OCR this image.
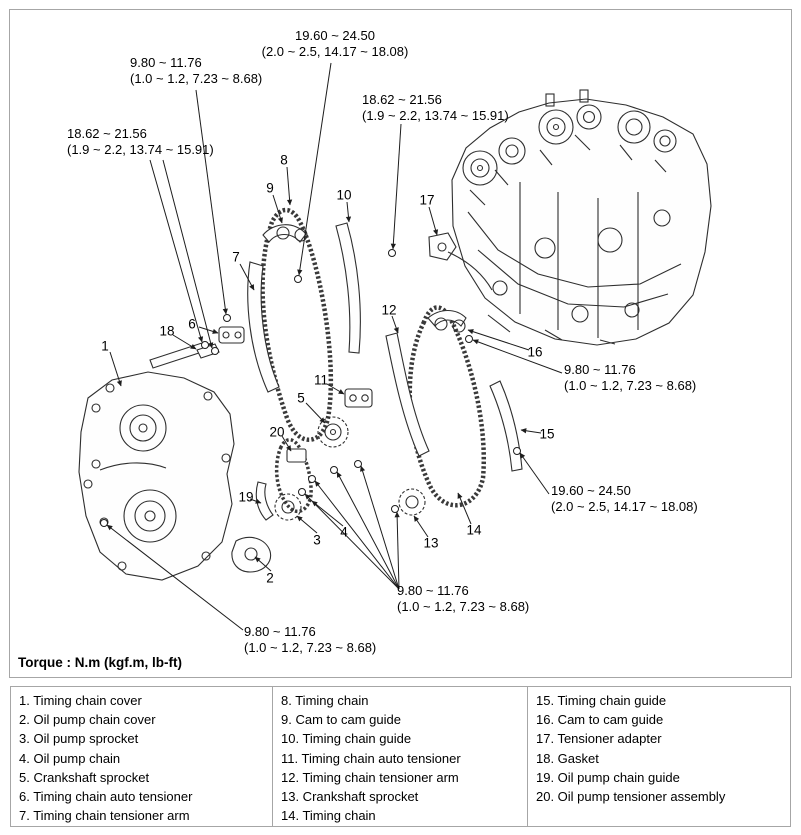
9.80 ~ 11.76
(1.0 ~ 1.2, 7.23 ~ 8.68)
19.60 ~ 24.50
(2.0 ~ 2.5, 14.17 ~ 18.08)
18.62 ~ 21.56
(1.9 ~ 2.2, 13.74 ~ 15.91)
18.62 ~ 21.56
(1.9 ~ 2.2, 13.74 ~ 15.91)
9.80 ~ 11.76
(1.0 ~ 1.2, 7.23 ~ 8.68)
19.60 ~ 24.50
(2.0 ~ 2.5, 14.17 ~ 18.08)
9.80 ~ 11.76
(1.0 ~ 1.2, 7.23 ~ 8.68)
9.80 ~ 11.76
(1.0 ~ 1.2, 7.23 ~ 8.68)
1
2
3
4
5
6
7
8
9	10
11
12
13
14
15
16
17
18
19
20
Torque : N.m (kgf.m, lb-ft)
1. Timing chain cover
2. Oil pump chain cover
3. Oil pump sprocket
4. Oil pump chain
5. Crankshaft sprocket
6. Timing chain auto tensioner
7. Timing chain tensioner arm
8. Timing chain
9. Cam to cam guide
10. Timing chain guide
11. Timing chain auto tensioner
12. Timing chain tensioner arm
13. Crankshaft sprocket
14. Timing chain
15. Timing chain guide
16. Cam to cam guide
17. Tensioner adapter
18. Gasket
19. Oil pump chain guide
20. Oil pump tensioner assembly
